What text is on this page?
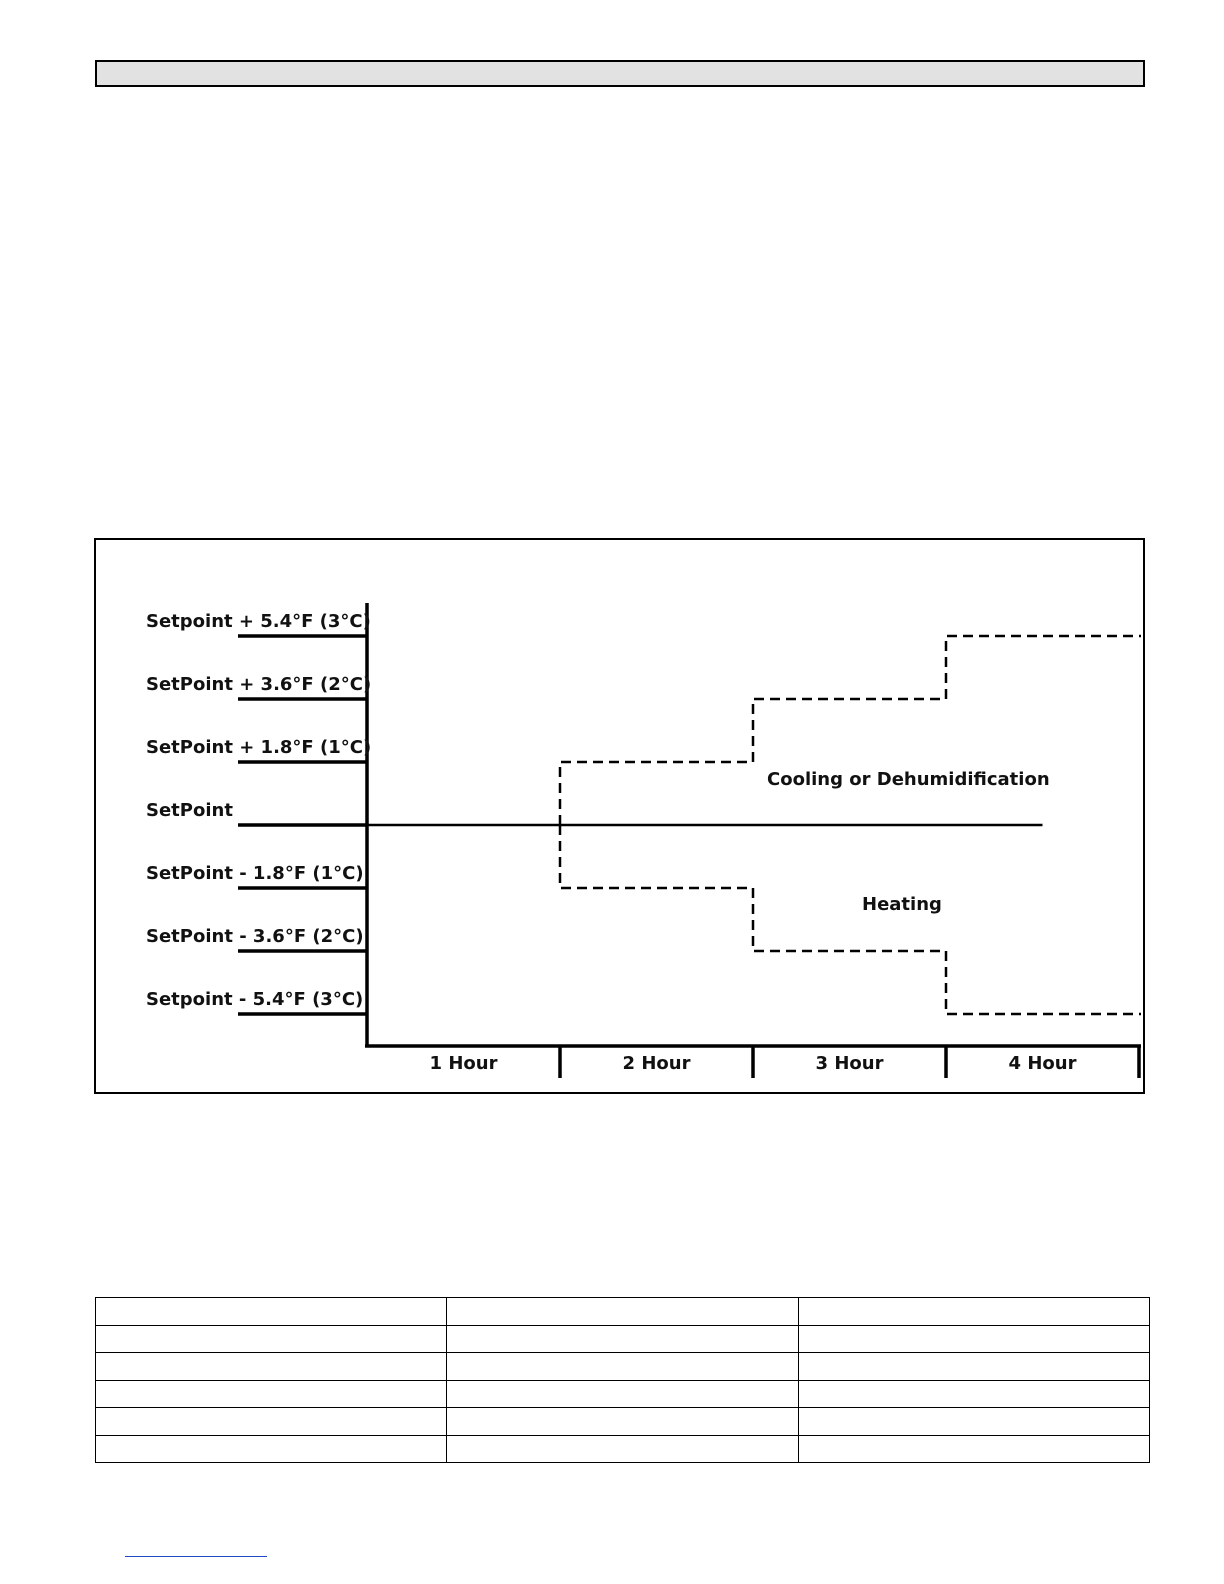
Setpoint + 5.4°F (3°C)
SetPoint + 3.6°F (2°C)
SetPoint + 1.8°F (1°C)
SetPoint
SetPoint - 1.8°F (1°C)
SetPoint - 3.6°F (2°C)
Setpoint - 5.4°F (3°C)
1 Hour	2 Hour	3 Hour	4 Hour
Cooling or Dehumidification
Heating
